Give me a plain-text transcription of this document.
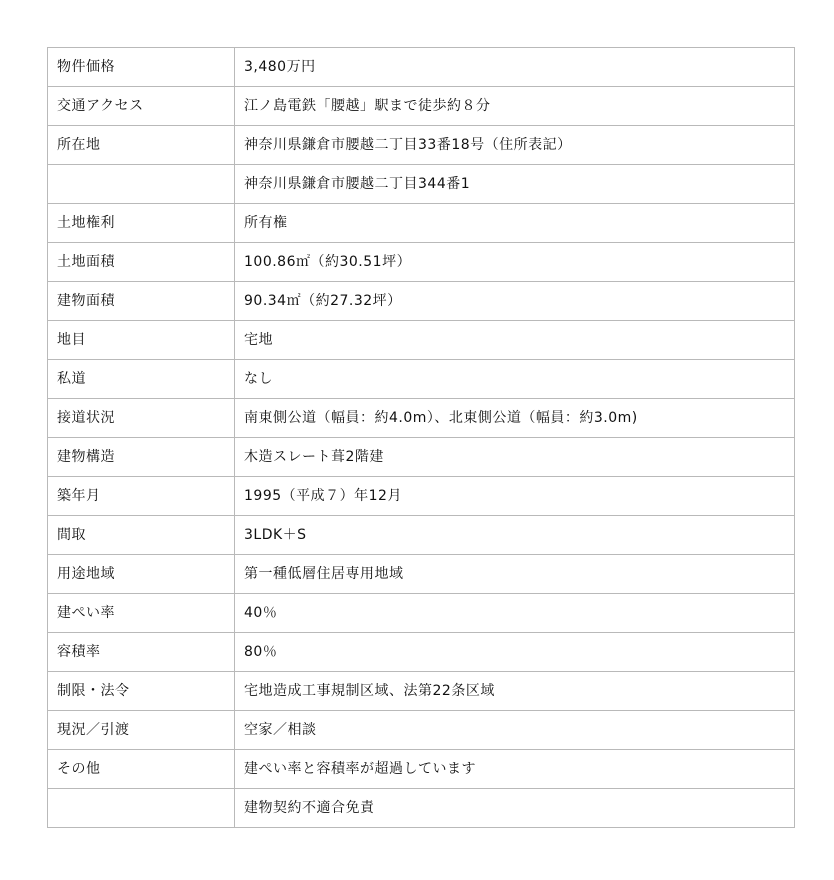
物件価格	3,480万円
交通アクセス	江ノ島電鉄「腰越」駅まで徒歩約８分
所在地	神奈川県鎌倉市腰越二丁目33番18号（住所表記）
	神奈川県鎌倉市腰越二丁目344番1
土地権利	所有権
土地面積	100.86㎡（約30.51坪）
建物面積	90.34㎡（約27.32坪）
地目	宅地
私道	なし
接道状況	南東側公道（幅員：約4.0m）、北東側公道（幅員：約3.0m)
建物構造	木造スレート葺2階建
築年月	1995（平成７）年12月
間取	3LDK＋S
用途地域	第一種低層住居専用地域
建ぺい率	40％
容積率	80％
制限・法令	宅地造成工事規制区域、法第22条区域
現況／引渡	空家／相談
その他	建ぺい率と容積率が超過しています
	建物契約不適合免責
